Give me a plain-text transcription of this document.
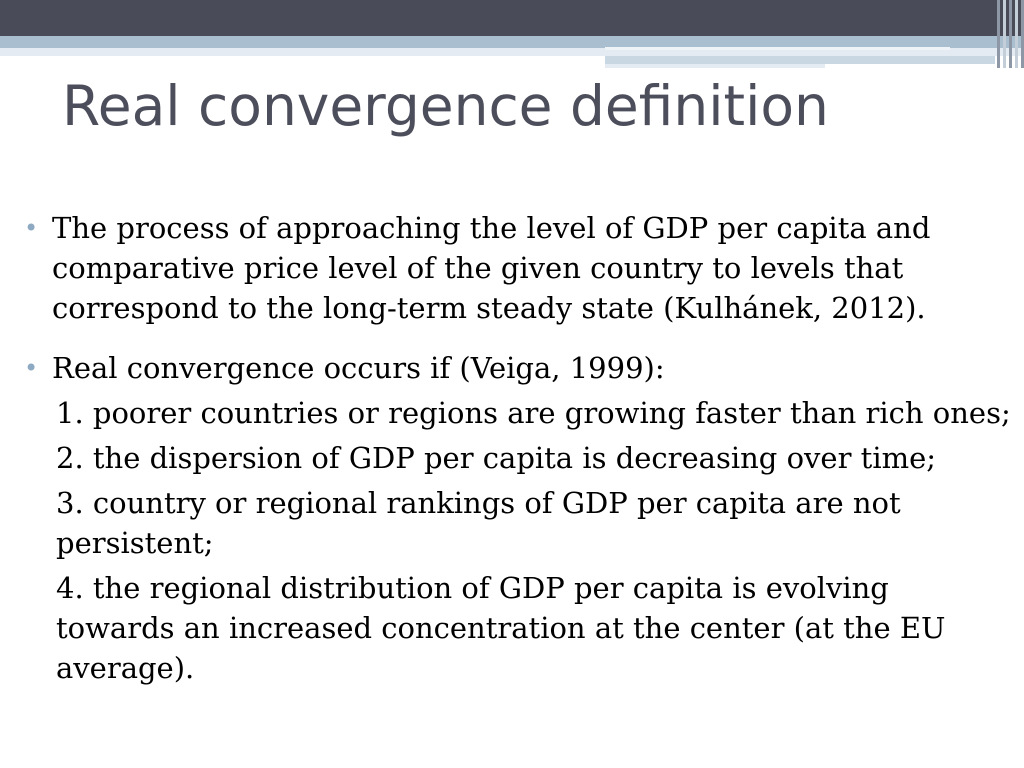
Real convergence definition
• The process of approaching the level of GDP per capita and comparative price level of the given country to levels that correspond to the long-term steady state (Kulhánek, 2012).
• Real convergence occurs if (Veiga, 1999):
1. poorer countries or regions are growing faster than rich ones;
2. the dispersion of GDP per capita is decreasing over time;
3. country or regional rankings of GDP per capita are not persistent;
4. the regional distribution of GDP per capita is evolving towards an increased concentration at the center (at the EU average).
